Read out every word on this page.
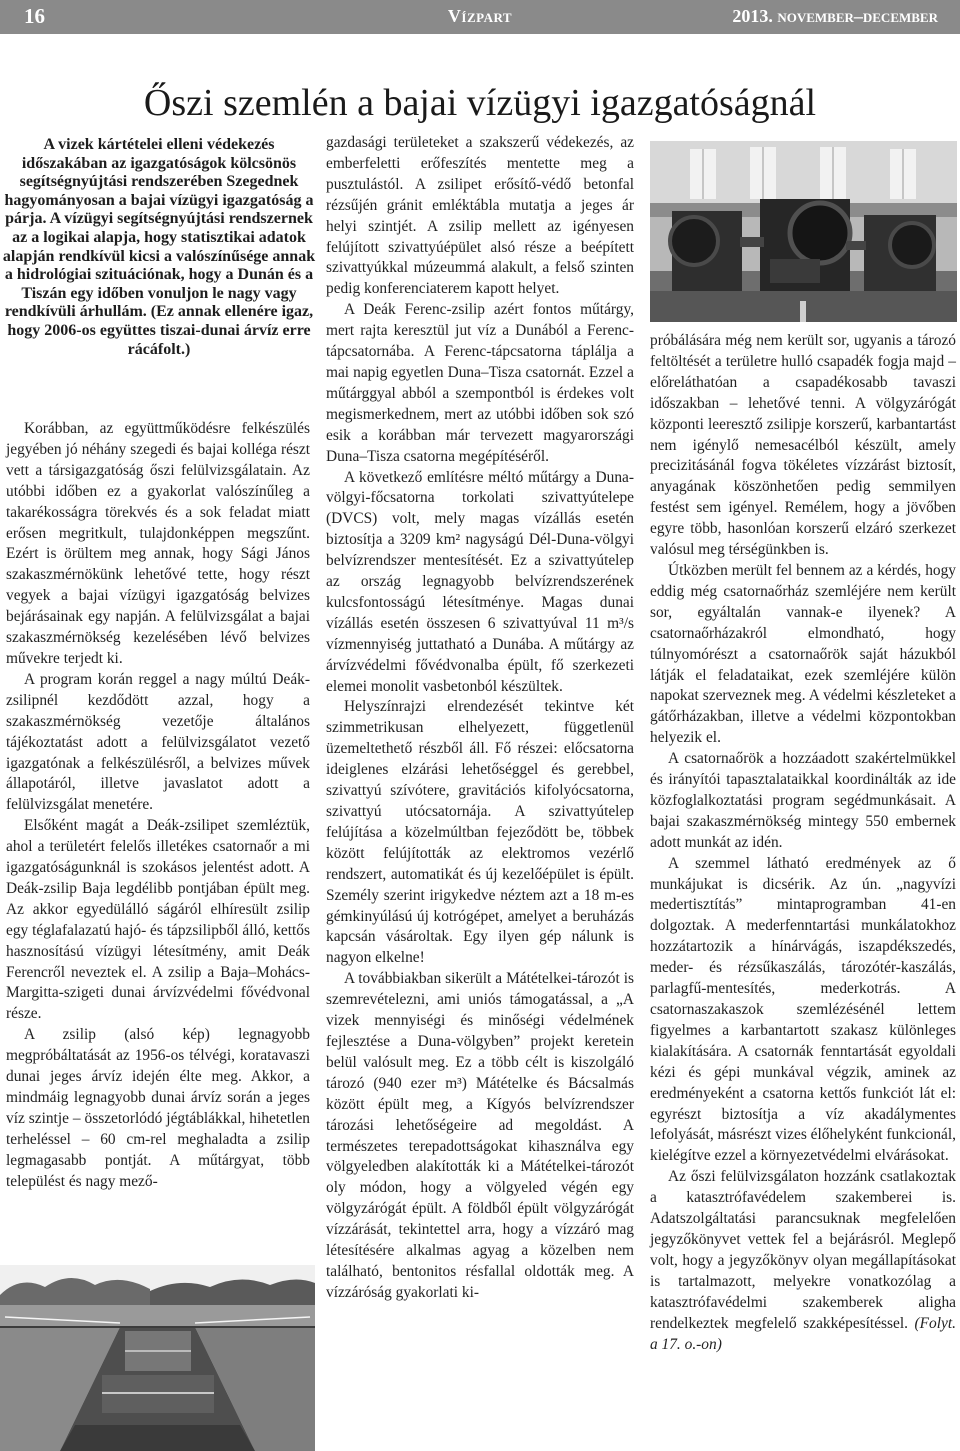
16	Vízpart	2013. november–december
Őszi szemlén a bajai vízügyi igazgatóságnál
A vizek kártételei elleni védekezés időszakában az igazgatóságok kölcsönös segítségnyújtási rendszerében Szegednek hagyományosan a bajai vízügyi igazgatóság a párja. A vízügyi segítségnyújtási rendszernek az a logikai alapja, hogy statisztikai adatok alapján rendkívül kicsi a valószínűsége annak a hidrológiai szituációnak, hogy a Dunán és a Tiszán egy időben vonuljon le nagy vagy rendkívüli árhullám. (Ez annak ellenére igaz, hogy 2006-os együttes tiszai-dunai árvíz erre rácáfolt.)

Korábban, az együttműködésre felkészülés jegyében jó néhány szegedi és bajai kolléga részt vett a társigazgatóság őszi felülvizsgálatain. Az utóbbi időben ez a gyakorlat valószínűleg a takarékosságra törekvés és a sok feladat miatt erősen megritkult, tulajdonképpen megszűnt. Ezért is örültem meg annak, hogy Sági János szakaszmérnökünk lehetővé tette, hogy részt vegyek a bajai vízügyi igazgatóság belvizes bejárásainak egy napján. A felülvizsgálat a bajai szakaszmérnökség kezelésében lévő belvizes művekre terjedt ki.

A program korán reggel a nagy múltú Deák-zsilipnél kezdődött azzal, hogy a szakaszmérnökség vezetője általános tájékoztatást adott a felülvizsgálatot vezető igazgatónak a felkészülésről, a belvizes művek állapotáról, illetve javaslatot adott a felülvizsgálat menetére.

Elsőként magát a Deák-zsilipet szemléztük, ahol a területért felelős illetékes csatornaőr a mi igazgatóságunknál is szokásos jelentést adott. A Deák-zsilip Baja legdélibb pontjában épült meg. Az akkor egyedülálló ságáról elhíresült zsilip egy téglafalazatú hajó- és tápzsilipből álló, kettős hasznosítású vízügyi létesítmény, amit Deák Ferencről neveztek el. A zsilip a Baja–Mohács-Margitta-szigeti dunai árvízvédelmi fővédvonal része.

A zsilip (alsó kép) legnagyobb megpróbáltatását az 1956-os télvégi, koratavaszi dunai jeges árvíz idején élte meg. Akkor, a mindmáig legnagyobb dunai árvíz során a jeges víz szintje – összetorlódó jégtáblákkal, hihetetlen terheléssel – 60 cm-rel meghaladta a zsilip legmagasabb pontját. A műtárgyat, több települést és nagy mező-

gazdasági területeket a szakszerű védekezés, az emberfeletti erőfeszítés mentette meg a pusztulástól. A zsilipet erősítő-védő betonfal rézsűjén gránit emléktábla mutatja a jeges ár helyi szintjét. A zsilip mellett az igényesen felújított szivattyúépület alsó része a beépített szivattyúkkal múzeummá alakult, a felső szinten pedig konferenciaterem kapott helyet.

A Deák Ferenc-zsilip azért fontos műtárgy, mert rajta keresztül jut víz a Dunából a Ferenc-tápcsatornába. A Ferenc-tápcsatorna táplálja a mai napig egyetlen Duna–Tisza csatornát. Ezzel a műtárggyal abból a szempontból is érdekes volt megismerkednem, mert az utóbbi időben sok szó esik a korábban már tervezett magyarországi Duna–Tisza csatorna megépítéséről.

A következő említésre méltó műtárgy a Duna-völgyi-főcsatorna torkolati szivattyútelepe (DVCS) volt, mely magas vízállás esetén biztosítja a 3209 km² nagyságú Dél-Duna-völgyi belvízrendszer mentesítését. Ez a szivattyútelep az ország legnagyobb belvízrendszerének kulcsfontosságú létesítménye. Magas dunai vízállás esetén összesen 6 szivattyúval 11 m³/s vízmennyiség juttatható a Dunába. A műtárgy az árvízvédelmi fővédvonalba épült, fő szerkezeti elemei monolit vasbetonból készültek.

Helyszínrajzi elrendezését tekintve két szimmetrikusan elhelyezett, függetlenül üzemeltethető részből áll. Fő részei: előcsatorna ideiglenes elzárási lehetőséggel és gerebbel, szivattyú szívótere, gravitációs kifolyócsatorna, szivattyú utócsatornája. A szivattyútelep felújítása a közelmúltban fejeződött be, többek között felújították az elektromos vezérlő rendszert, automatikát és új kezelőépület is épült. Személy szerint irigykedve néztem azt a 18 m-es gémkinyúlású új kotrógépet, amelyet a beruházás kapcsán vásároltak. Egy ilyen gép nálunk is nagyon elkelne!

A továbbiakban sikerült a Mátételkei-tározót is szemrevételezni, ami uniós támogatással, a „A vizek mennyiségi és minőségi védelmének fejlesztése a Duna-völgyben” projekt keretein belül valósult meg. Ez a több célt is kiszolgáló tározó (940 ezer m³) Mátételke és Bácsalmás között épült meg, a Kígyós belvízrendszer tározási lehetőségeire ad megoldást. A természetes terepadottságokat kihasználva egy völgyeledben alakították ki a Mátételkei-tározót oly módon, hogy a völgyeled végén egy völgyzárógát épült. A földből épült völgyzárógát vízzárását, tekintettel arra, hogy a vízzáró mag létesítésére alkalmas agyag a közelben nem található, bentonitos résfallal oldották meg. A vízzáróság gyakorlati ki-

próbálására még nem került sor, ugyanis a tározó feltöltését a területre hulló csapadék fogja majd – előreláthatóan a csapadékosabb tavaszi időszakban – lehetővé tenni. A völgyzárógát központi leeresztő zsilipje korszerű, karbantartást nem igénylő nemesacélból készült, amely precizitásánál fogva tökéletes vízzárást biztosít, anyagának köszönhetően pedig semmilyen festést sem igényel. Remélem, hogy a jövőben egyre több, hasonlóan korszerű elzáró szerkezet valósul meg térségünkben is.

Útközben merült fel bennem az a kérdés, hogy eddig még csatornaőrház szemléjére nem került sor, egyáltalán vannak-e ilyenek? A csatornaőrházakról elmondható, hogy túlnyomórészt a csatornaőrök saját házukból látják el feladataikat, ezek szemléjére külön napokat szerveznek meg. A védelmi készleteket a gátőrházakban, illetve a védelmi központokban helyezik el.

A csatornaőrök a hozzáadott szakértelmükkel és irányítói tapasztalataikkal koordinálták az ide közfoglalkoztatási program segédmunkásait. A bajai szakaszmérnökség mintegy 550 embernek adott munkát az idén.

A szemmel látható eredmények az ő munkájukat is dicsérik. Az ún. „nagyvízi medertisztítás” mintaprogramban 41-en dolgoztak. A mederfenntartási munkálatokhoz hozzátartozik a hínárvágás, iszapdékszedés, meder- és rézsűkaszálás, tározótér-kaszálás, parlagfű-mentesítés, mederkotrás. A csatornaszakaszok szemlézésénél lettem figyelmes a karbantartott szakasz különleges kialakítására. A csatornák fenntartását egyoldali kézi és gépi munkával végzik, aminek az eredményeként a csatorna kettős funkciót lát el: egyrészt biztosítja a víz akadálymentes lefolyását, másrészt vizes élőhelyként funkcionál, kielégítve ezzel a környezetvédelmi elvárásokat.

Az őszi felülvizsgálaton hozzánk csatlakoztak a katasztrófavédelem szakemberei is. Adatszolgáltatási parancsuknak megfelelően jegyzőkönyvet vettek fel a bejárásról. Meglepő volt, hogy a jegyzőkönyv olyan megállapításokat is tartalmazott, melyekre vonatkozólag a katasztrófavédelmi szakemberek aligha rendelkeztek megfelelő szakképesítéssel. (Folyt. a 17. o.-on)
